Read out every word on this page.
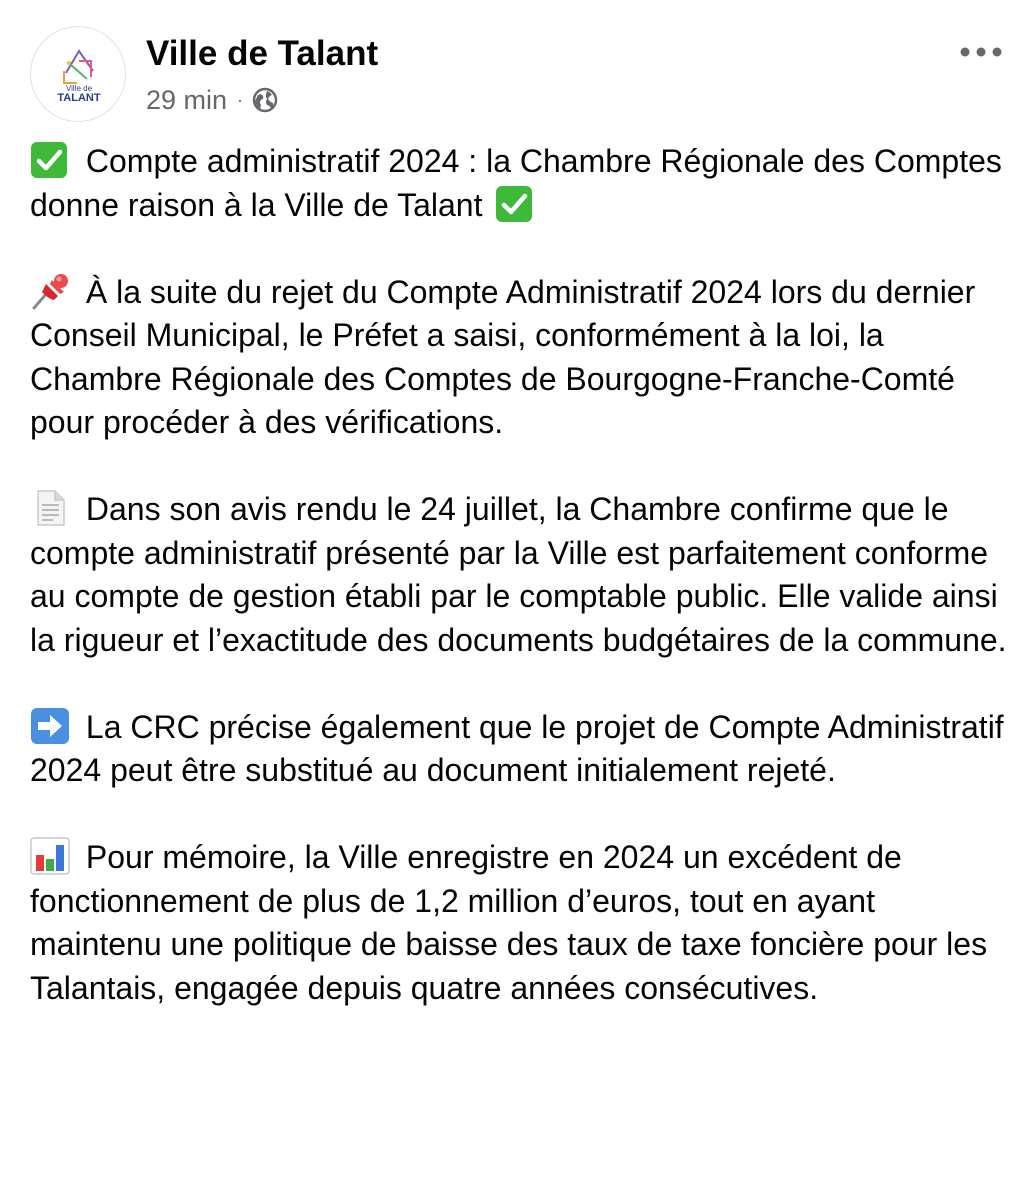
Ville de
TALANT
Ville de Talant
29 min ·

Compte administratif 2024 : la Chambre Régionale des Comptes donne raison à la Ville de Talant

À la suite du rejet du Compte Administratif 2024 lors du dernier Conseil Municipal, le Préfet a saisi, conformément à la loi, la Chambre Régionale des Comptes de Bourgogne-Franche-Comté pour procéder à des vérifications.

Dans son avis rendu le 24 juillet, la Chambre confirme que le compte administratif présenté par la Ville est parfaitement conforme au compte de gestion établi par le comptable public. Elle valide ainsi la rigueur et l’exactitude des documents budgétaires de la commune.

La CRC précise également que le projet de Compte Administratif 2024 peut être substitué au document initialement rejeté.

Pour mémoire, la Ville enregistre en 2024 un excédent de fonctionnement de plus de 1,2 million d’euros, tout en ayant maintenu une politique de baisse des taux de taxe foncière pour les Talantais, engagée depuis quatre années consécutives.
